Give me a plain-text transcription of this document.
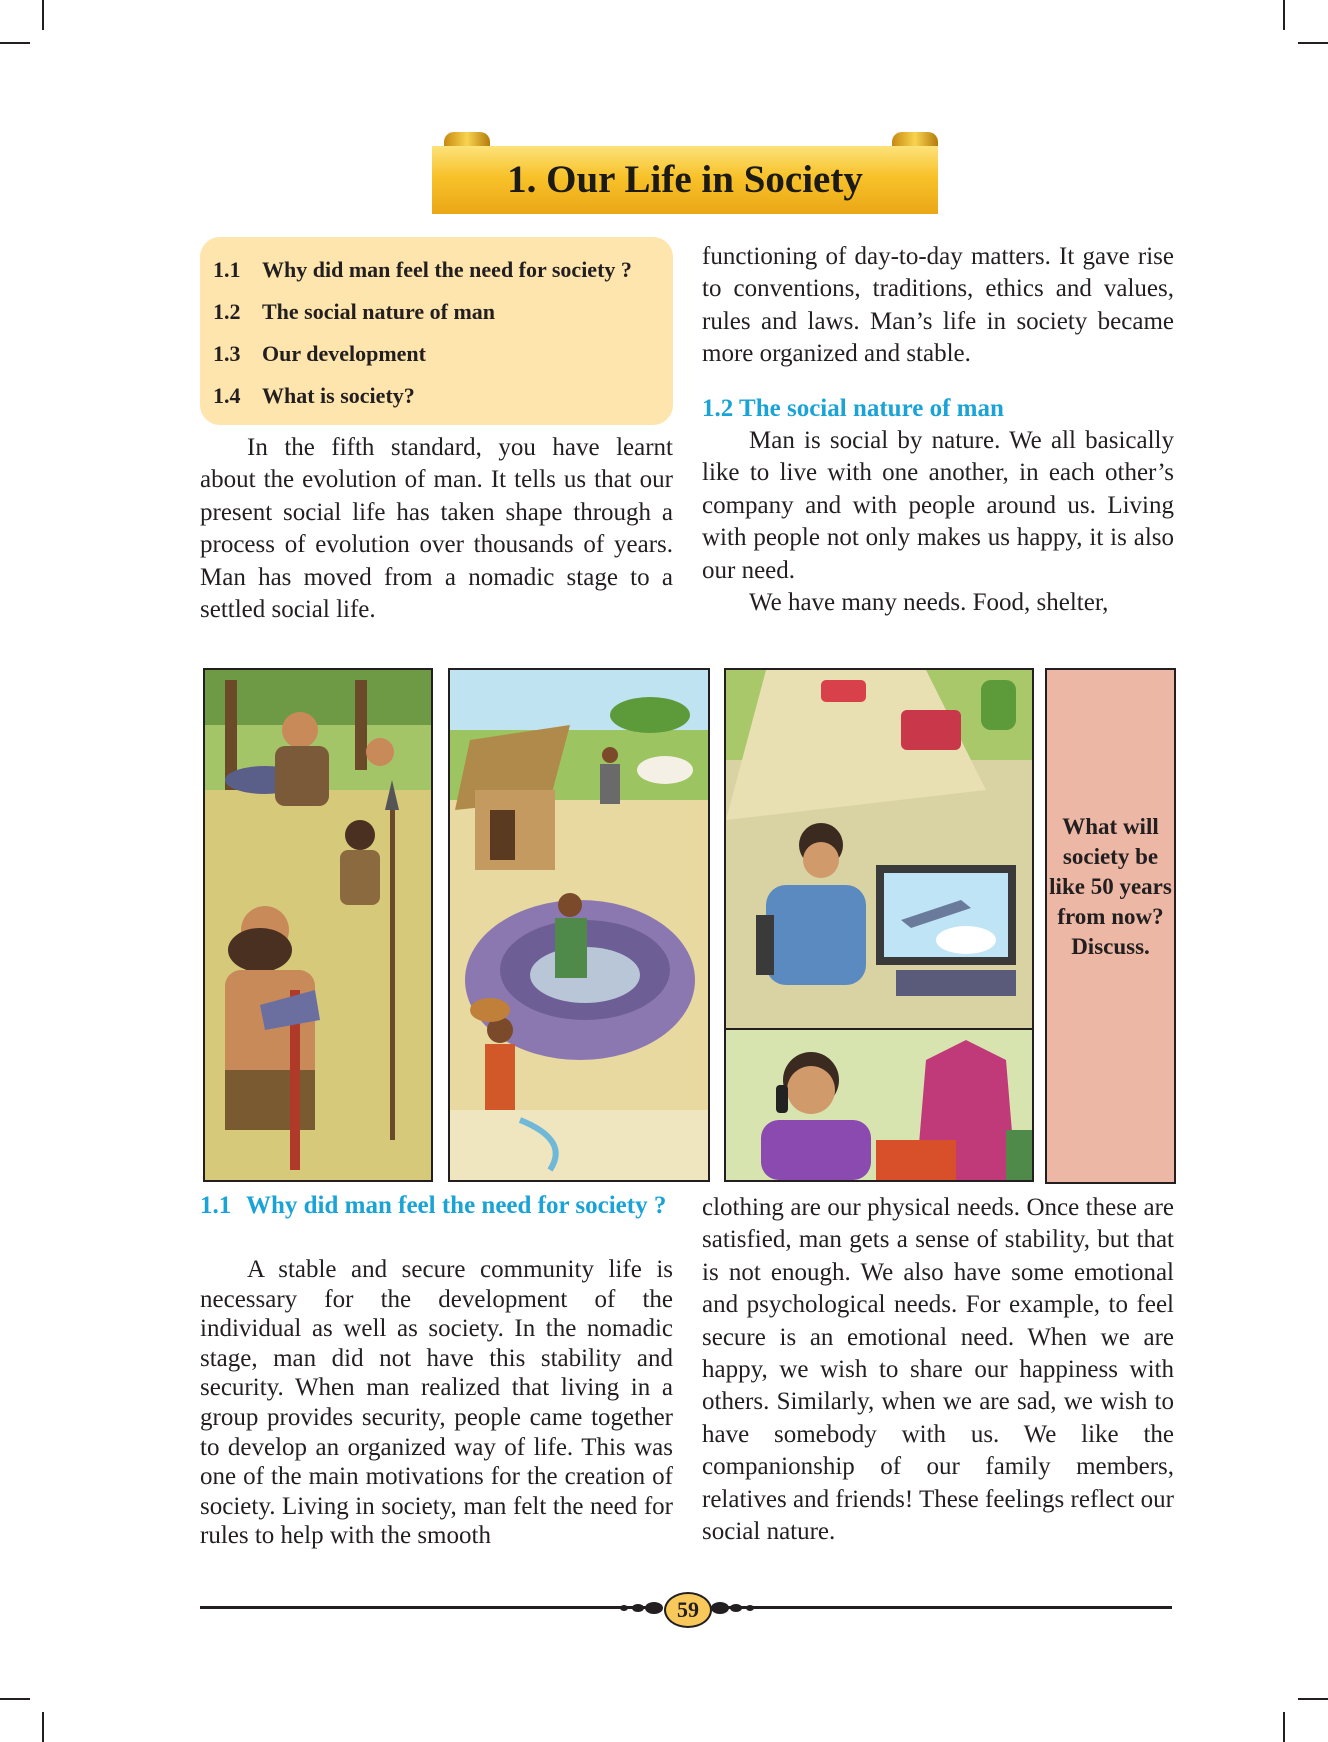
1. Our Life in Society
1.1 Why did man feel the need for society ?
1.2 The social nature of man
1.3 Our development
1.4 What is society?

In the fifth standard, you have learnt about the evolution of man. It tells us that our present social life has taken shape through a process of evolution over thousands of years. Man has moved from a nomadic stage to a settled social life.

functioning of day-to-day matters. It gave rise to conventions, traditions, ethics and values, rules and laws. Man’s life in society became more organized and stable.

1.2 The social nature of man

Man is social by nature. We all basically like to live with one another, in each other’s company and with people around us. Living with people not only makes us happy, it is also our need.

We have many needs. Food, shelter,

What will society be like 50 years from now? Discuss.
1.1 Why did man feel the need for society ?

A stable and secure community life is necessary for the development of the individual as well as society. In the nomadic stage, man did not have this stability and security. When man realized that living in a group provides security, people came together to develop an organized way of life. This was one of the main motivations for the creation of society. Living in society, man felt the need for rules to help with the smooth

clothing are our physical needs. Once these are satisfied, man gets a sense of stability, but that is not enough. We also have some emotional and psychological needs. For example, to feel secure is an emotional need. When we are happy, we wish to share our happiness with others. Similarly, when we are sad, we wish to have somebody with us. We like the companionship of our family members, relatives and friends! These feelings reflect our social nature.

59
